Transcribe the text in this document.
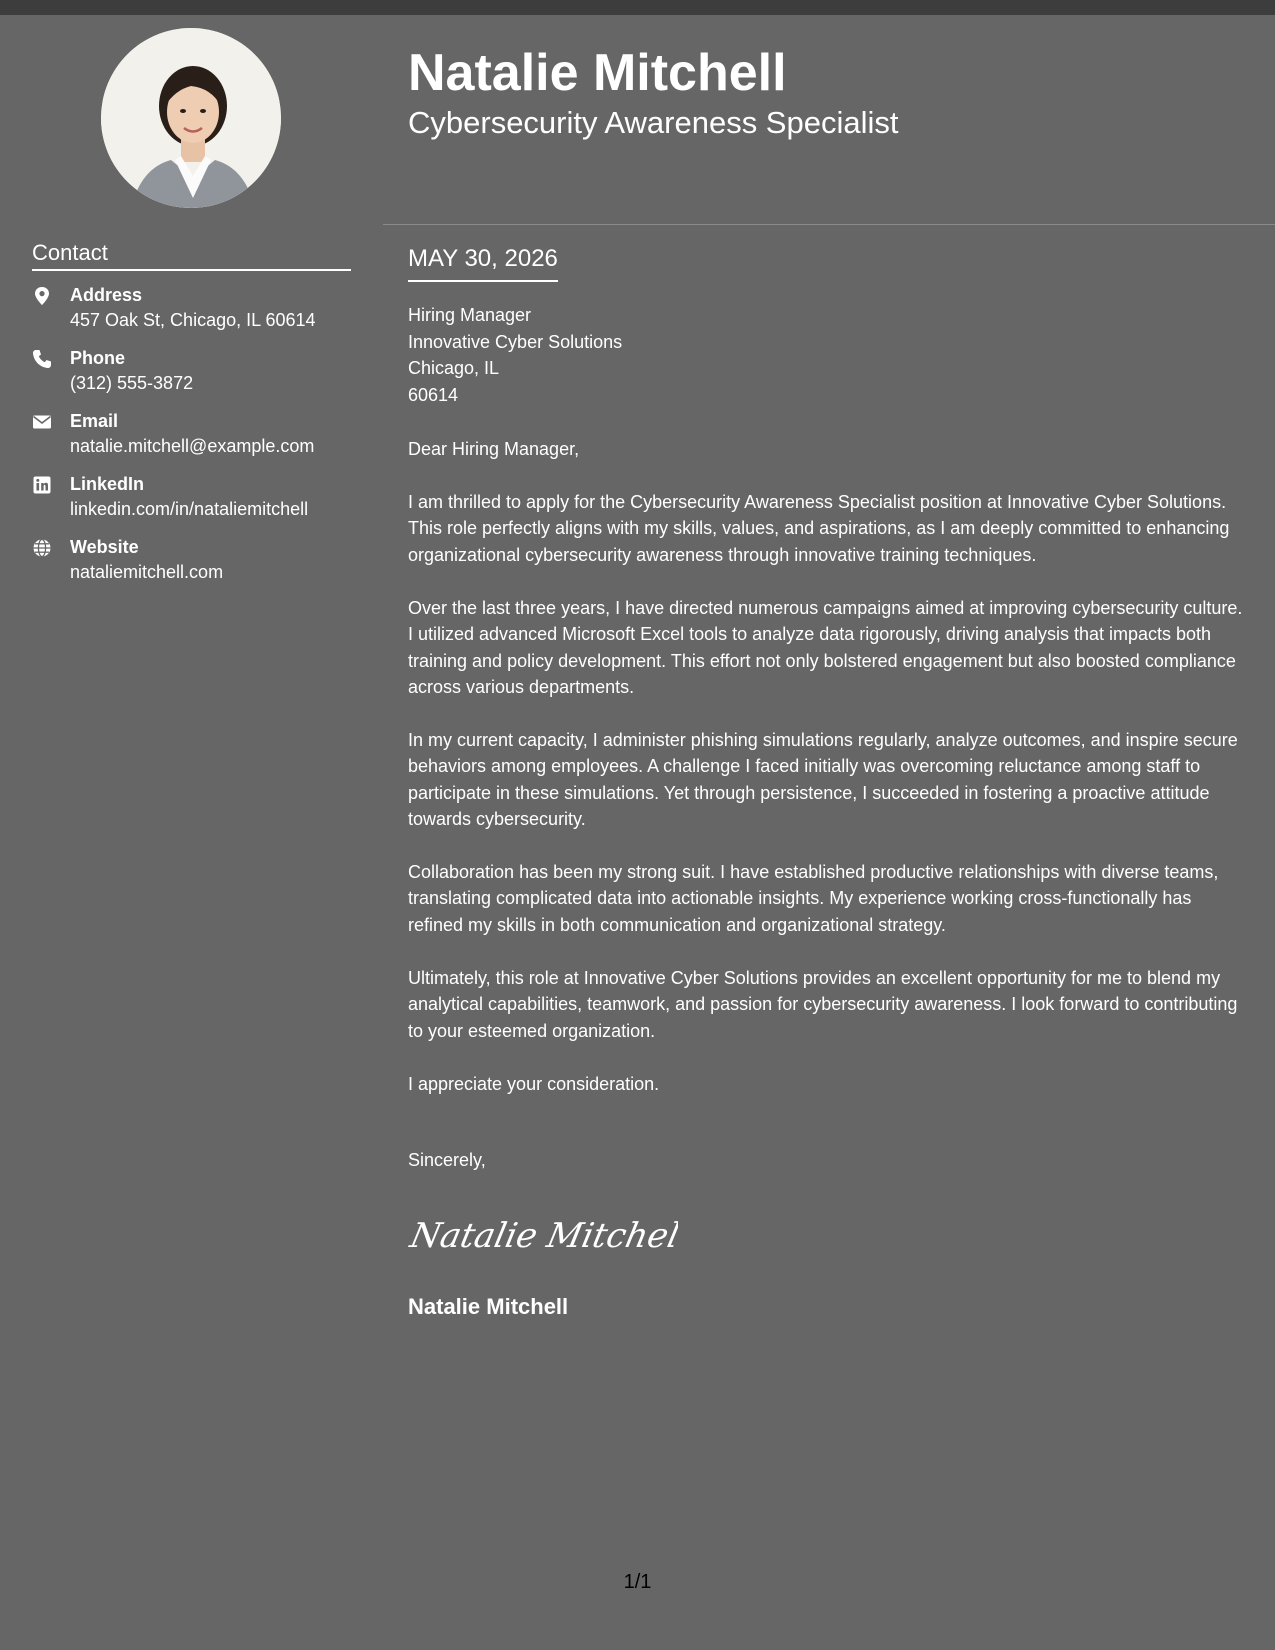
Contact
Address
457 Oak St, Chicago, IL 60614
Phone
(312) 555-3872
Email
natalie.mitchell@example.com
LinkedIn
linkedin.com/in/nataliemitchell
Website
nataliemitchell.com
Natalie Mitchell
Cybersecurity Awareness Specialist
MAY 30, 2026
Hiring Manager
Innovative Cyber Solutions
Chicago, IL
60614
Dear Hiring Manager,

I am thrilled to apply for the Cybersecurity Awareness Specialist position at Innovative Cyber Solutions. This role perfectly aligns with my skills, values, and aspirations, as I am deeply committed to enhancing organizational cybersecurity awareness through innovative training techniques.

Over the last three years, I have directed numerous campaigns aimed at improving cybersecurity culture. I utilized advanced Microsoft Excel tools to analyze data rigorously, driving analysis that impacts both training and policy development. This effort not only bolstered engagement but also boosted compliance across various departments.

In my current capacity, I administer phishing simulations regularly, analyze outcomes, and inspire secure behaviors among employees. A challenge I faced initially was overcoming reluctance among staff to participate in these simulations. Yet through persistence, I succeeded in fostering a proactive attitude towards cybersecurity.

Collaboration has been my strong suit. I have established productive relationships with diverse teams, translating complicated data into actionable insights. My experience working cross-functionally has refined my skills in both communication and organizational strategy.

Ultimately, this role at Innovative Cyber Solutions provides an excellent opportunity for me to blend my analytical capabilities, teamwork, and passion for cybersecurity awareness. I look forward to contributing to your esteemed organization.

I appreciate your consideration.

Sincerely,
Natalie Mitchell
Natalie Mitchell
1/1
